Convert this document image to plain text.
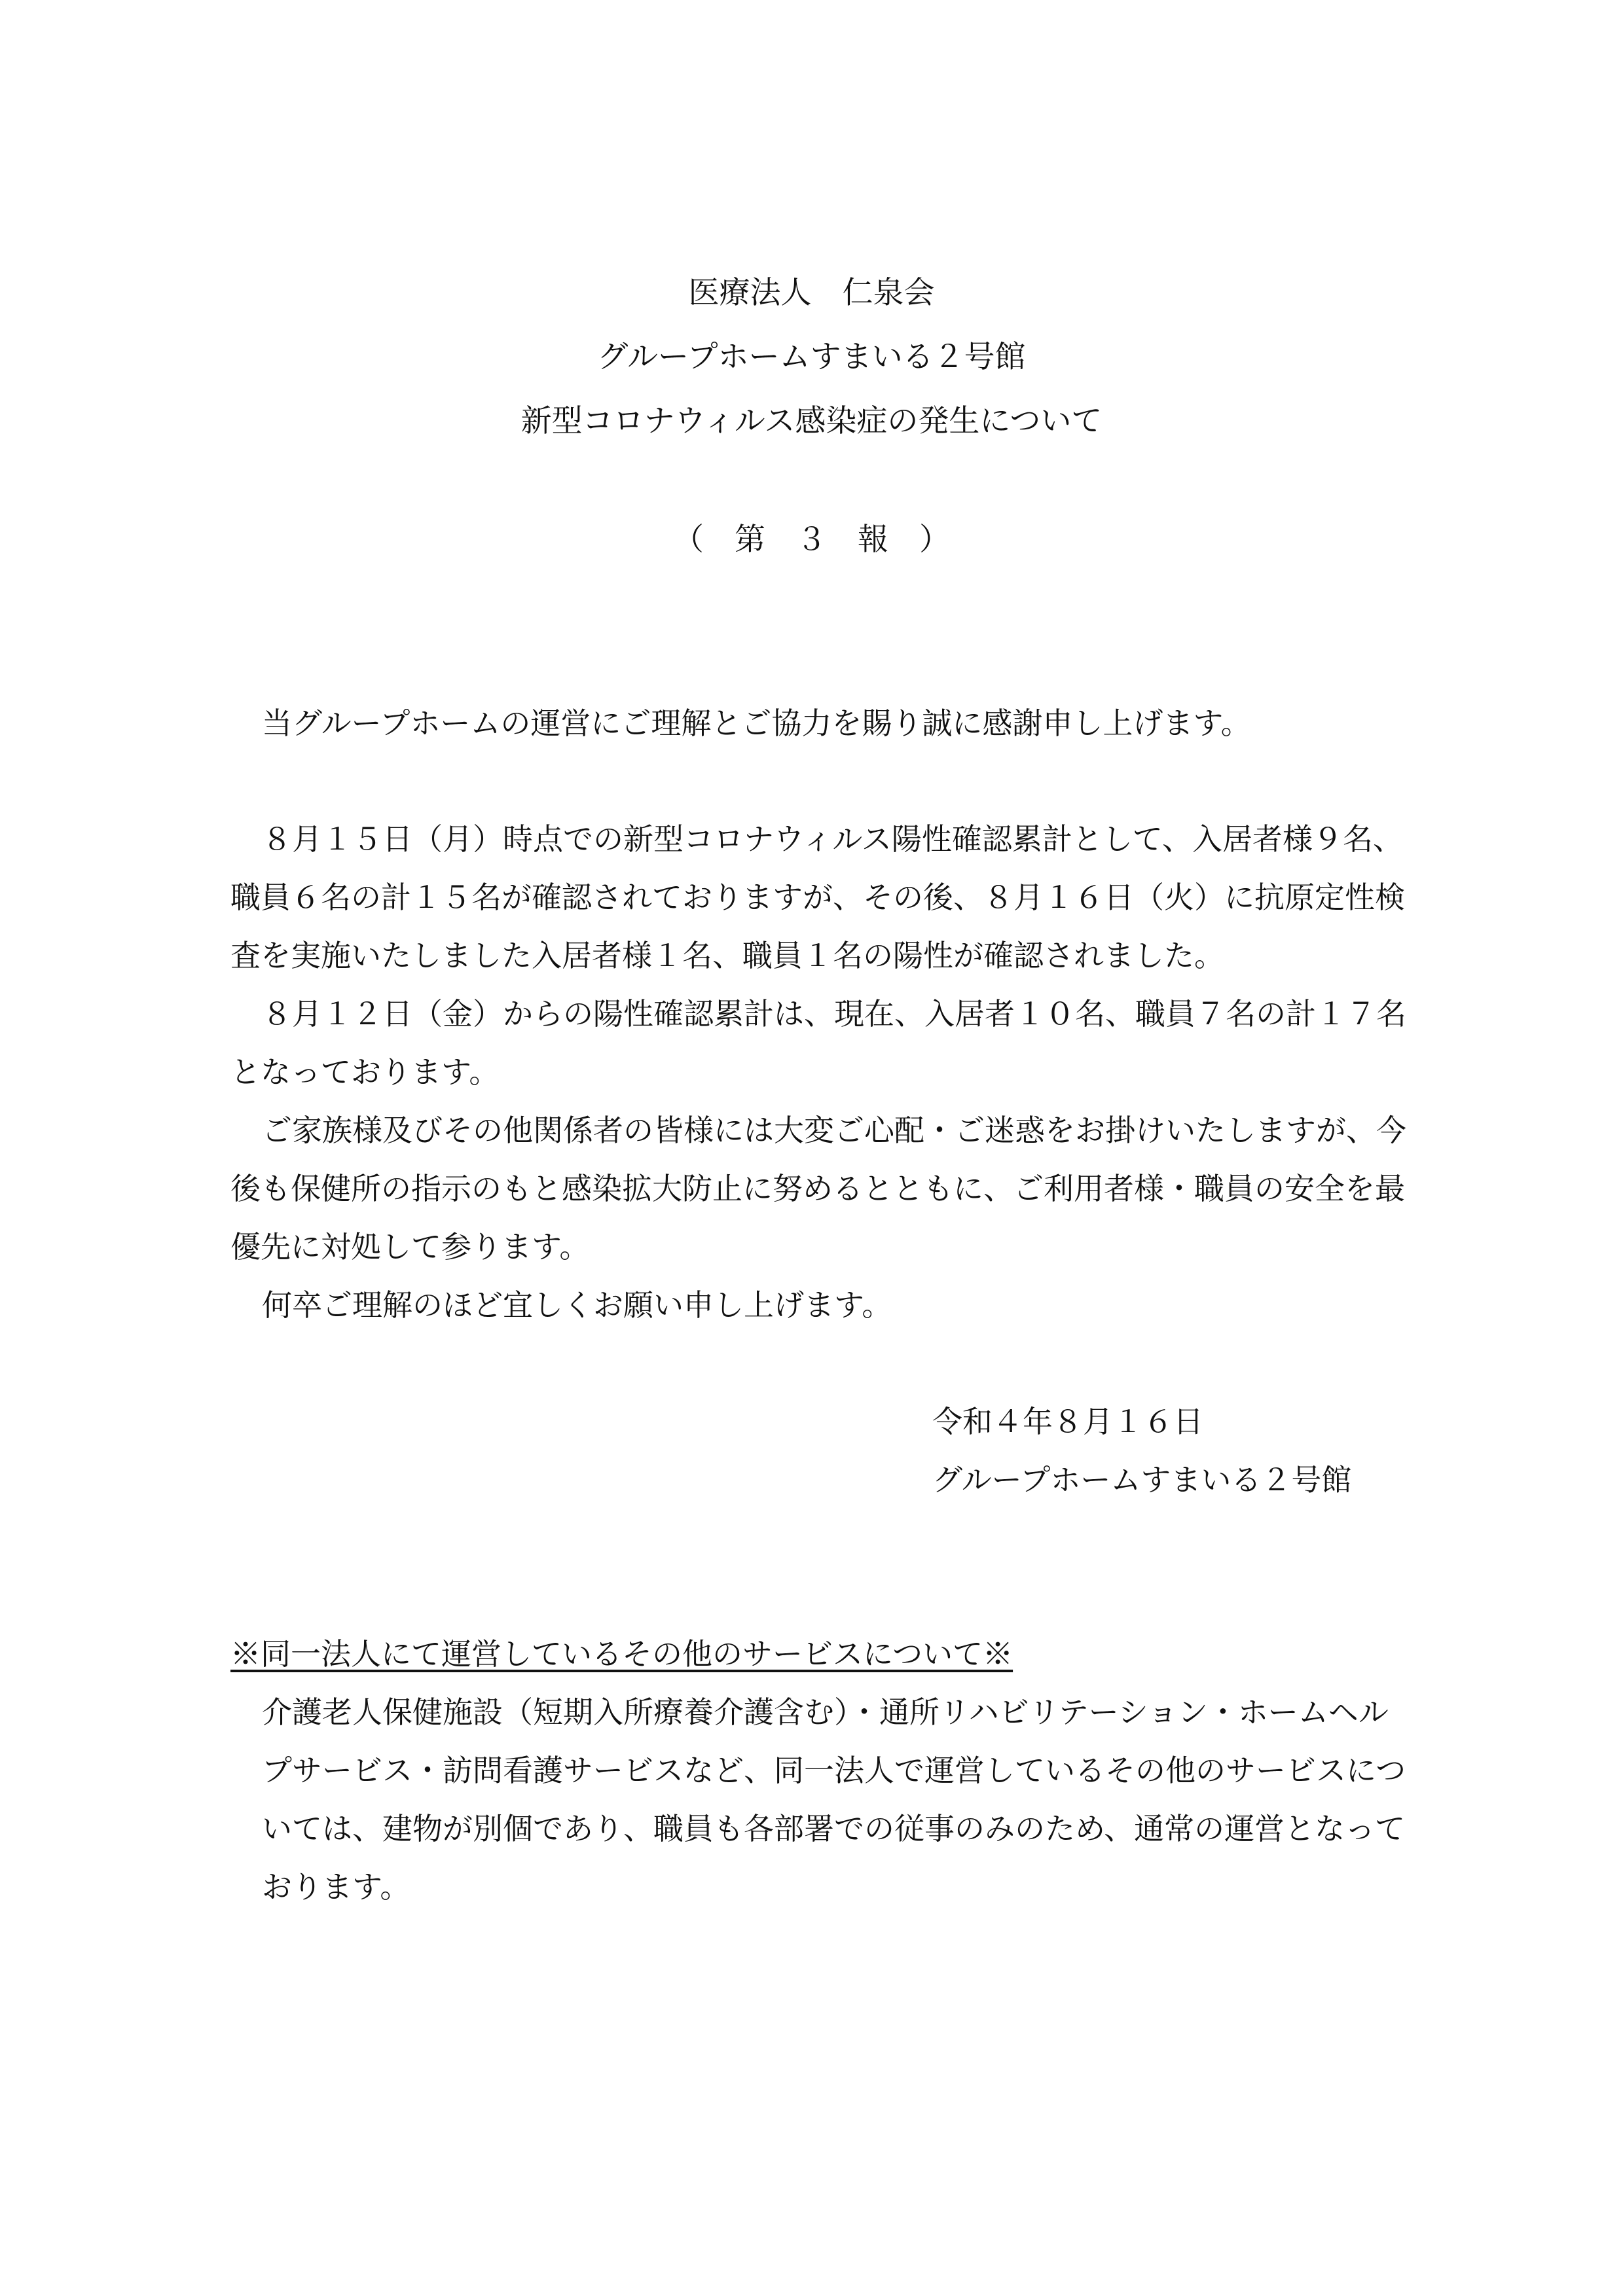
医療法人　仁泉会
グループホームすまいる２号館
新型コロナウィルス感染症の発生について
（　第　３　報　）
当グループホームの運営にご理解とご協力を賜り誠に感謝申し上げます。
８月１５日（月）時点での新型コロナウィルス陽性確認累計として、入居者様９名、
職員６名の計１５名が確認されておりますが、その後、８月１６日（火）に抗原定性検
査を実施いたしました入居者様１名、職員１名の陽性が確認されました。
８月１２日（金）からの陽性確認累計は、現在、入居者１０名、職員７名の計１７名
となっております。
ご家族様及びその他関係者の皆様には大変ご心配・ご迷惑をお掛けいたしますが、今
後も保健所の指示のもと感染拡大防止に努めるとともに、ご利用者様・職員の安全を最
優先に対処して参ります。
何卒ご理解のほど宜しくお願い申し上げます。
令和４年８月１６日
グループホームすまいる２号館
※同一法人にて運営しているその他のサービスについて※
介護老人保健施設（短期入所療養介護含む）・通所リハビリテーション・ホームヘル
プサービス・訪問看護サービスなど、同一法人で運営しているその他のサービスにつ
いては、建物が別個であり、職員も各部署での従事のみのため、通常の運営となって
おります。
